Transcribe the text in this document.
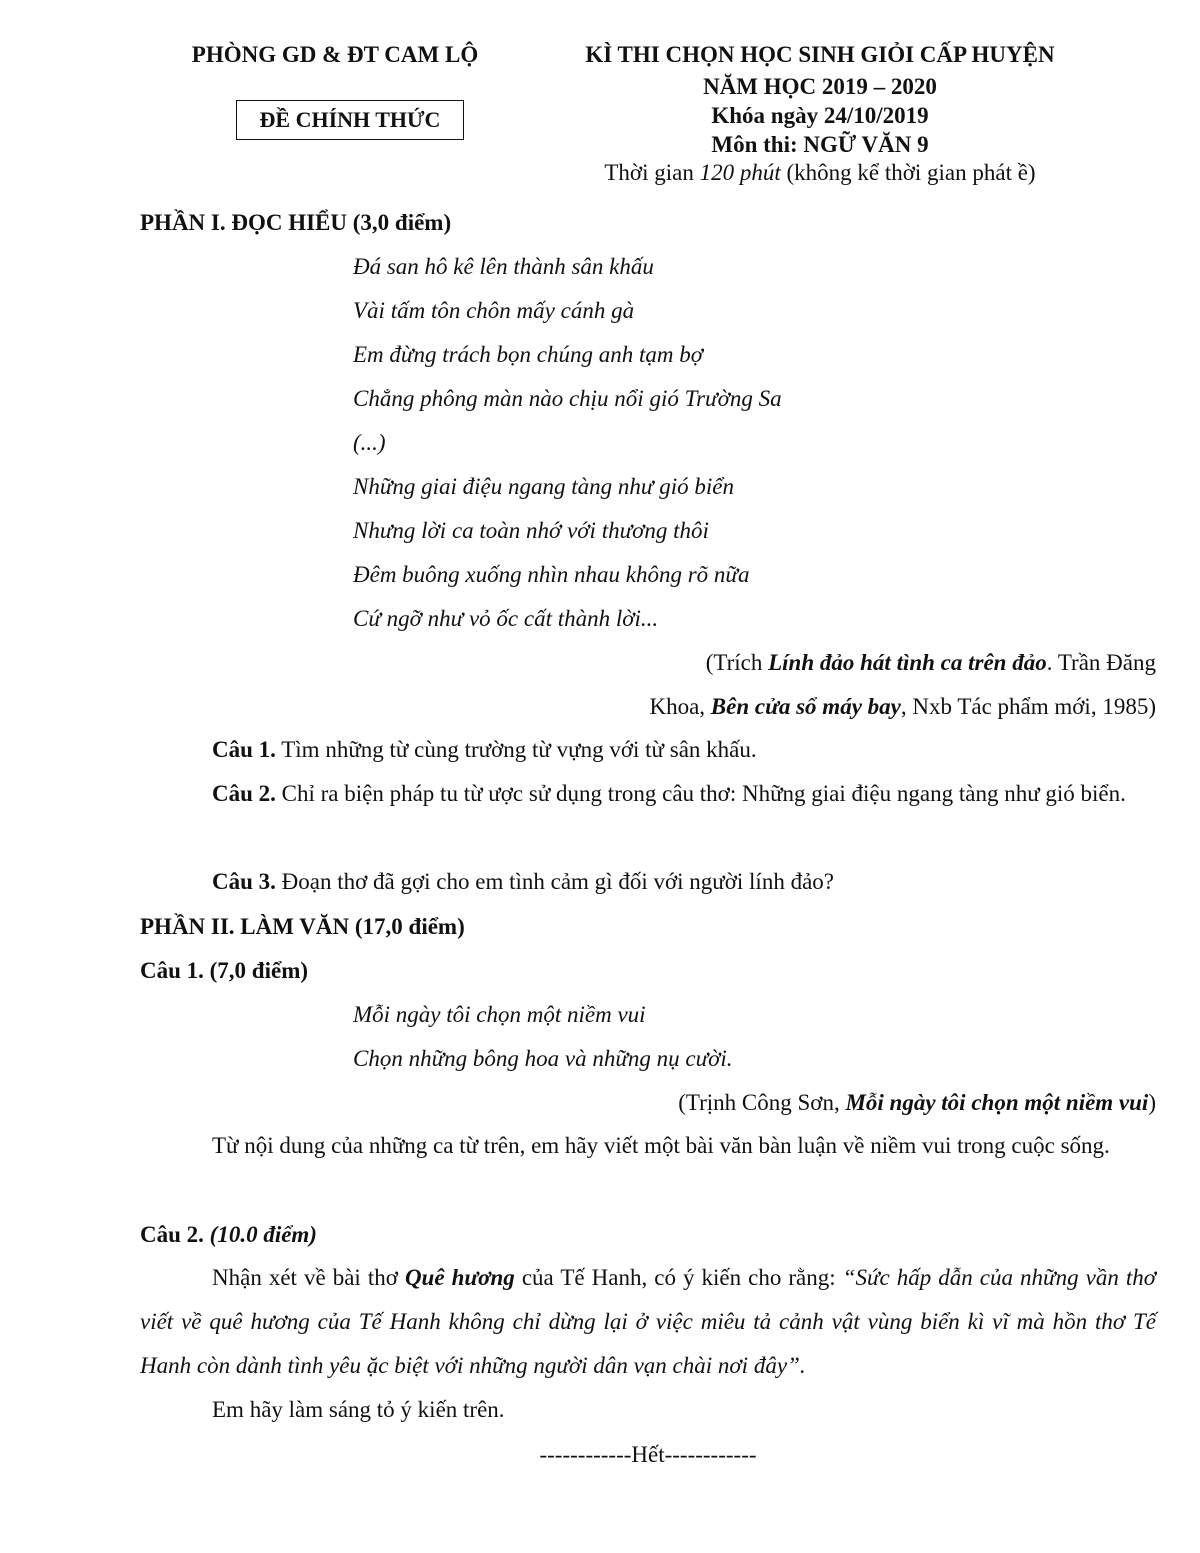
PHÒNG GD & ĐT CAM LỘ
ĐỀ CHÍNH THỨC
KÌ THI CHỌN HỌC SINH GIỎI CẤP HUYỆN
NĂM HỌC 2019 – 2020
Khóa ngày 24/10/2019
Môn thi: NGỮ VĂN 9
Thời gian 120 phút (không kể thời gian phát ề)
PHẦN I. ĐỌC HIỂU (3,0 điểm)
Đá san hô kê lên thành sân khấu
Vài tấm tôn chôn mấy cánh gà
Em đừng trách bọn chúng anh tạm bợ
Chẳng phông màn nào chịu nổi gió Trường Sa
(...)
Những giai điệu ngang tàng như gió biển
Nhưng lời ca toàn nhớ với thương thôi
Đêm buông xuống nhìn nhau không rõ nữa
Cứ ngỡ như vỏ ốc cất thành lời...
(Trích Lính đảo hát tình ca trên đảo. Trần Đăng
Khoa, Bên cửa sổ máy bay, Nxb Tác phẩm mới, 1985)
Câu 1. Tìm những từ cùng trường từ vựng với từ sân khấu.
Câu 2. Chỉ ra biện pháp tu từ ược sử dụng trong câu thơ: Những giai điệu ngang tàng như gió biển.
Câu 3. Đoạn thơ đã gợi cho em tình cảm gì đối với người lính đảo?
PHẦN II. LÀM VĂN (17,0 điểm)
Câu 1. (7,0 điểm)
Mỗi ngày tôi chọn một niềm vui
Chọn những bông hoa và những nụ cười.
(Trịnh Công Sơn, Mỗi ngày tôi chọn một niềm vui)
Từ nội dung của những ca từ trên, em hãy viết một bài văn bàn luận về niềm vui trong cuộc sống.
Câu 2. (10.0 điểm)
Nhận xét về bài thơ Quê hương của Tế Hanh, có ý kiến cho rằng: “Sức hấp dẫn của những vần thơ viết về quê hương của Tế Hanh không chỉ dừng lại ở việc miêu tả cảnh vật vùng biển kì vĩ mà hồn thơ Tế Hanh còn dành tình yêu ặc biệt với những người dân vạn chài nơi đây”.
Em hãy làm sáng tỏ ý kiến trên.
------------Hết------------
